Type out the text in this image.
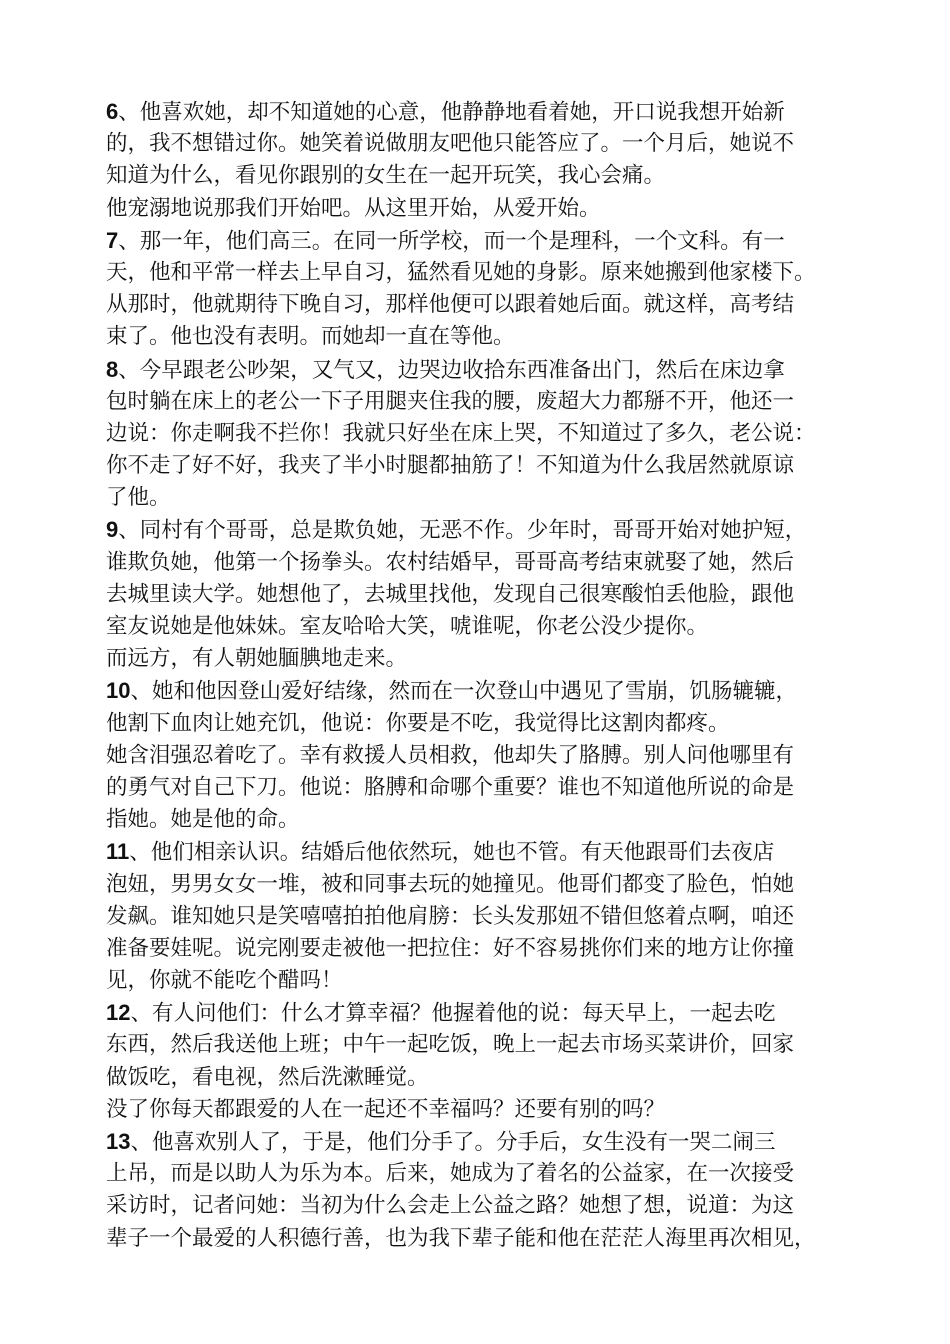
6、他喜欢她，却不知道她的心意，他静静地看着她，开口说我想开始新
的，我不想错过你。她笑着说做朋友吧他只能答应了。一个月后，她说不
知道为什么，看见你跟别的女生在一起开玩笑，我心会痛。
他宠溺地说那我们开始吧。从这里开始，从爱开始。
7、那一年，他们高三。在同一所学校，而一个是理科，一个文科。有一
天，他和平常一样去上早自习，猛然看见她的身影。原来她搬到他家楼下。
从那时，他就期待下晚自习，那样他便可以跟着她后面。就这样，高考结
束了。他也没有表明。而她却一直在等他。
8、今早跟老公吵架，又气又，边哭边收拾东西准备出门，然后在床边拿
包时躺在床上的老公一下子用腿夹住我的腰，废超大力都掰不开，他还一
边说：你走啊我不拦你！我就只好坐在床上哭，不知道过了多久，老公说：
你不走了好不好，我夹了半小时腿都抽筋了！不知道为什么我居然就原谅
了他。
9、同村有个哥哥，总是欺负她，无恶不作。少年时，哥哥开始对她护短，
谁欺负她，他第一个扬拳头。农村结婚早，哥哥高考结束就娶了她，然后
去城里读大学。她想他了，去城里找他，发现自己很寒酸怕丢他脸，跟他
室友说她是他妹妹。室友哈哈大笑，唬谁呢，你老公没少提你。
而远方，有人朝她腼腆地走来。
10、她和他因登山爱好结缘，然而在一次登山中遇见了雪崩，饥肠辘辘，
他割下血肉让她充饥，他说：你要是不吃，我觉得比这割肉都疼。
她含泪强忍着吃了。幸有救援人员相救，他却失了胳膊。别人问他哪里有
的勇气对自己下刀。他说：胳膊和命哪个重要？谁也不知道他所说的命是
指她。她是他的命。
11、他们相亲认识。结婚后他依然玩，她也不管。有天他跟哥们去夜店
泡妞，男男女女一堆，被和同事去玩的她撞见。他哥们都变了脸色，怕她
发飙。谁知她只是笑嘻嘻拍拍他肩膀：长头发那妞不错但悠着点啊，咱还
准备要娃呢。说完刚要走被他一把拉住：好不容易挑你们来的地方让你撞
见，你就不能吃个醋吗！
12、有人问他们：什么才算幸福？他握着他的说：每天早上，一起去吃
东西，然后我送他上班；中午一起吃饭，晚上一起去市场买菜讲价，回家
做饭吃，看电视，然后洗漱睡觉。
没了你每天都跟爱的人在一起还不幸福吗？还要有别的吗？
13、他喜欢别人了，于是，他们分手了。分手后，女生没有一哭二闹三
上吊，而是以助人为乐为本。后来，她成为了着名的公益家，在一次接受
采访时，记者问她：当初为什么会走上公益之路？她想了想，说道：为这
辈子一个最爱的人积德行善，也为我下辈子能和他在茫茫人海里再次相见，
